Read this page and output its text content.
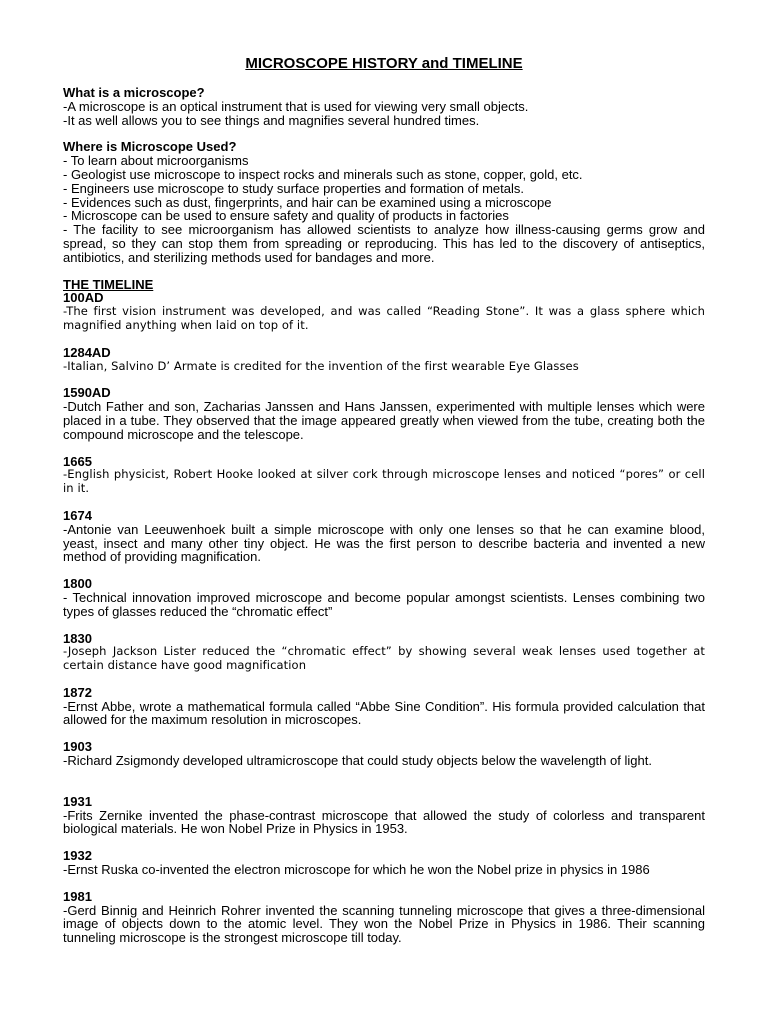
MICROSCOPE HISTORY and TIMELINE

What is a microscope?

-A microscope is an optical instrument that is used for viewing very small objects.

-It as well allows you to see things and magnifies several hundred times.

Where is Microscope Used?

- To learn about microorganisms

- Geologist use microscope to inspect rocks and minerals such as stone, copper, gold, etc.

- Engineers use microscope to study surface properties and formation of metals.

- Evidences such as dust, fingerprints, and hair can be examined using a microscope

- Microscope can be used to ensure safety and quality of products in factories

- The facility to see microorganism has allowed scientists to analyze how illness-causing germs grow and spread, so they can stop them from spreading or reproducing. This has led to the discovery of antiseptics, antibiotics, and sterilizing methods used for bandages and more.

THE TIMELINE

100AD

-The first vision instrument was developed, and was called “Reading Stone”. It was a glass sphere which magnified anything when laid on top of it.

1284AD

-Italian, Salvino D’ Armate is credited for the invention of the first wearable Eye Glasses

1590AD

-Dutch Father and son, Zacharias Janssen and Hans Janssen, experimented with multiple lenses which were placed in a tube. They observed that the image appeared greatly when viewed from the tube, creating both the compound microscope and the telescope.

1665

-English physicist, Robert Hooke looked at silver cork through microscope lenses and noticed “pores” or cell in it.

1674

-Antonie van Leeuwenhoek built a simple microscope with only one lenses so that he can examine blood, yeast, insect and many other tiny object. He was the first person to describe bacteria and invented a new method of providing magnification.

1800

- Technical innovation improved microscope and become popular amongst scientists. Lenses combining two types of glasses reduced the “chromatic effect”

1830

-Joseph Jackson Lister reduced the “chromatic effect” by showing several weak lenses used together at certain distance have good magnification

1872

-Ernst Abbe, wrote a mathematical formula called “Abbe Sine Condition”. His formula provided calculation that allowed for the maximum resolution in microscopes.

1903

-Richard Zsigmondy developed ultramicroscope that could study objects below the wavelength of light.

1931

-Frits Zernike invented the phase-contrast microscope that allowed the study of colorless and transparent biological materials. He won Nobel Prize in Physics in 1953.

1932

-Ernst Ruska co-invented the electron microscope for which he won the Nobel prize in physics in 1986

1981

-Gerd Binnig and Heinrich Rohrer invented the scanning tunneling microscope that gives a three-dimensional image of objects down to the atomic level. They won the Nobel Prize in Physics in 1986. Their scanning tunneling microscope is the strongest microscope till today.
